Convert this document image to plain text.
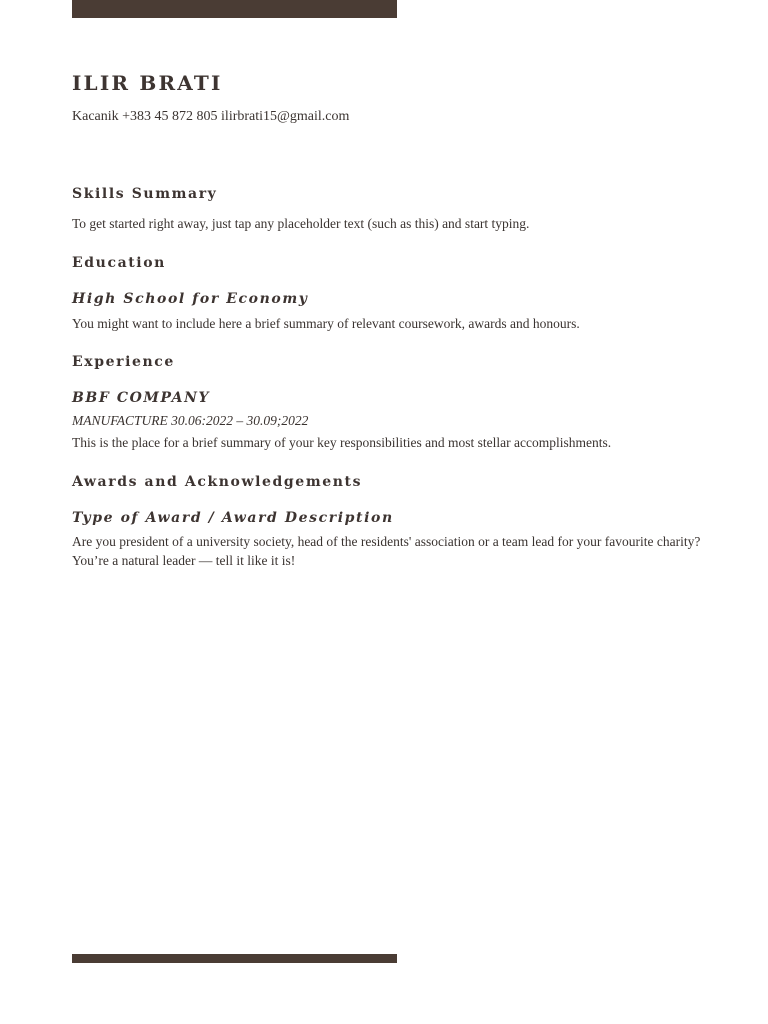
ILIR BRATI

Kacanik +383 45 872 805 ilirbrati15@gmail.com

Skills Summary

To get started right away, just tap any placeholder text (such as this) and start typing.

Education
High School for Economy

You might want to include here a brief summary of relevant coursework, awards and honours.

Experience
BBF COMPANY

MANUFACTURE 30.06:2022 – 30.09;2022

This is the place for a brief summary of your key responsibilities and most stellar accomplishments.

Awards and Acknowledgements
Type of Award / Award Description

Are you president of a university society, head of the residents' association or a team lead for your favourite charity? You’re a natural leader — tell it like it is!
